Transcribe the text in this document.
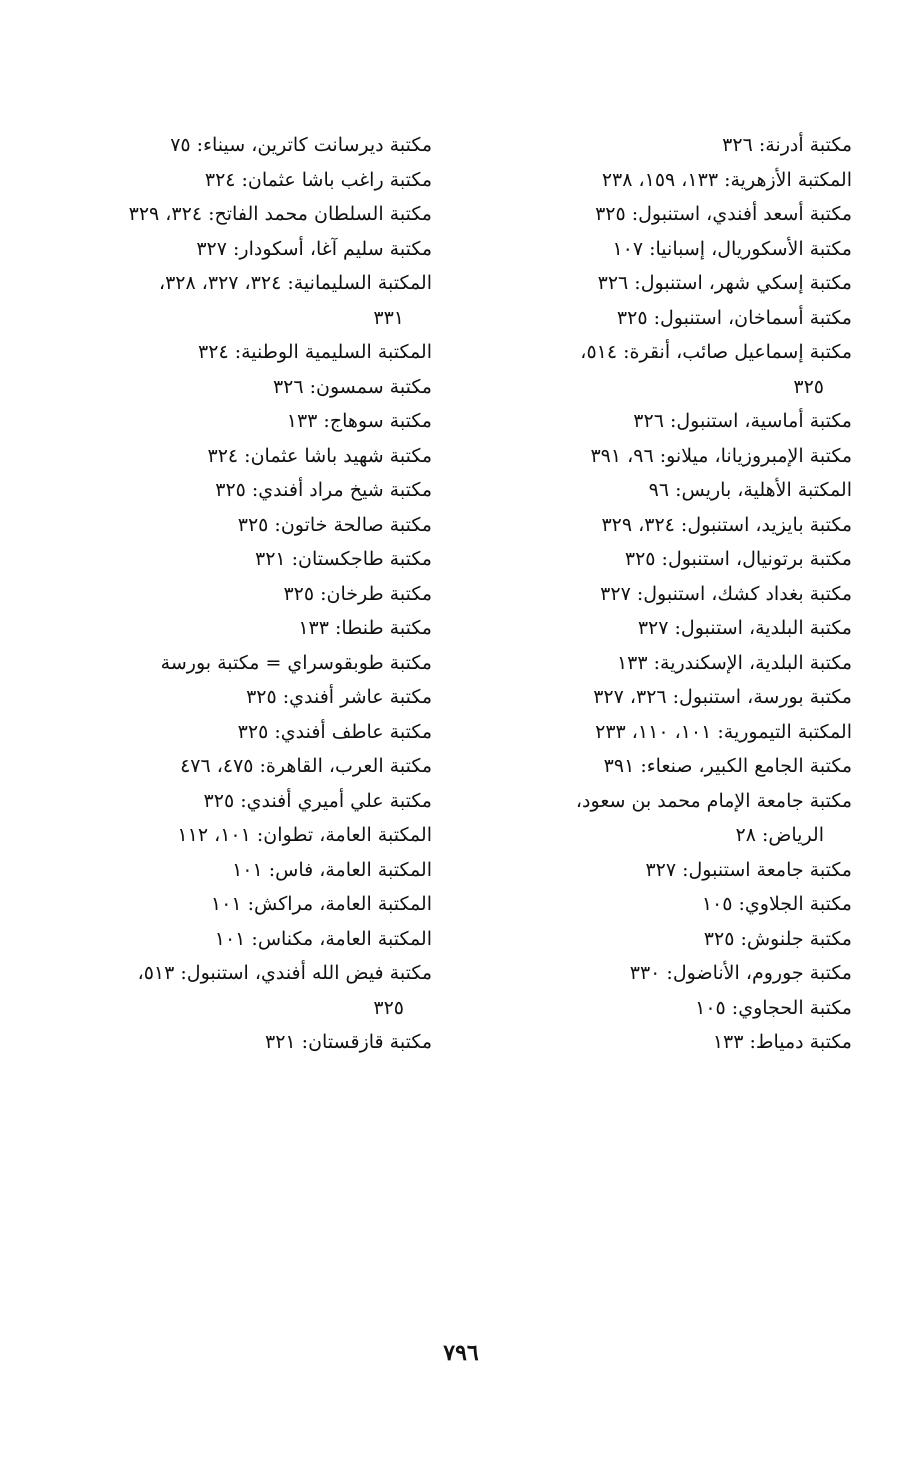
مكتبة أدرنة: ٣٢٦

المكتبة الأزهرية: ١٣٣، ١٥٩، ٢٣٨

مكتبة أسعد أفندي، استنبول: ٣٢٥

مكتبة الأسكوريال، إسبانيا: ١٠٧

مكتبة إسكي شهر، استنبول: ٣٢٦

مكتبة أسماخان، استنبول: ٣٢٥

مكتبة إسماعيل صائب، أنقرة: ٥١٤،

٣٢٥

مكتبة أماسية، استنبول: ٣٢٦

مكتبة الإمبروزيانا، ميلانو: ٩٦، ٣٩١

المكتبة الأهلية، باريس: ٩٦

مكتبة بايزيد، استنبول: ٣٢٤، ٣٢٩

مكتبة برتونيال، استنبول: ٣٢٥

مكتبة بغداد كشك، استنبول: ٣٢٧

مكتبة البلدية، استنبول: ٣٢٧

مكتبة البلدية، الإسكندرية: ١٣٣

مكتبة بورسة، استنبول: ٣٢٦، ٣٢٧

المكتبة التيمورية: ١٠١، ١١٠، ٢٣٣

مكتبة الجامع الكبير، صنعاء: ٣٩١

مكتبة جامعة الإمام محمد بن سعود،

الرياض: ٢٨

مكتبة جامعة استنبول: ٣٢٧

مكتبة الجلاوي: ١٠٥

مكتبة جلنوش: ٣٢٥

مكتبة جوروم، الأناضول: ٣٣٠

مكتبة الحجاوي: ١٠٥

مكتبة دمياط: ١٣٣

مكتبة ديرسانت كاترين، سيناء: ٧٥

مكتبة راغب باشا عثمان: ٣٢٤

مكتبة السلطان محمد الفاتح: ٣٢٤، ٣٢٩

مكتبة سليم آغا، أسكودار: ٣٢٧

المكتبة السليمانية: ٣٢٤، ٣٢٧، ٣٢٨،

٣٣١

المكتبة السليمية الوطنية: ٣٢٤

مكتبة سمسون: ٣٢٦

مكتبة سوهاج: ١٣٣

مكتبة شهيد باشا عثمان: ٣٢٤

مكتبة شيخ مراد أفندي: ٣٢٥

مكتبة صالحة خاتون: ٣٢٥

مكتبة طاجكستان: ٣٢١

مكتبة طرخان: ٣٢٥

مكتبة طنطا: ١٣٣

مكتبة طوبقوسراي = مكتبة بورسة

مكتبة عاشر أفندي: ٣٢٥

مكتبة عاطف أفندي: ٣٢٥

مكتبة العرب، القاهرة: ٤٧٥، ٤٧٦

مكتبة علي أميري أفندي: ٣٢٥

المكتبة العامة، تطوان: ١٠١، ١١٢

المكتبة العامة، فاس: ١٠١

المكتبة العامة، مراكش: ١٠١

المكتبة العامة، مكناس: ١٠١

مكتبة فيض الله أفندي، استنبول: ٥١٣،

٣٢٥

مكتبة قازقستان: ٣٢١

٧٩٦
